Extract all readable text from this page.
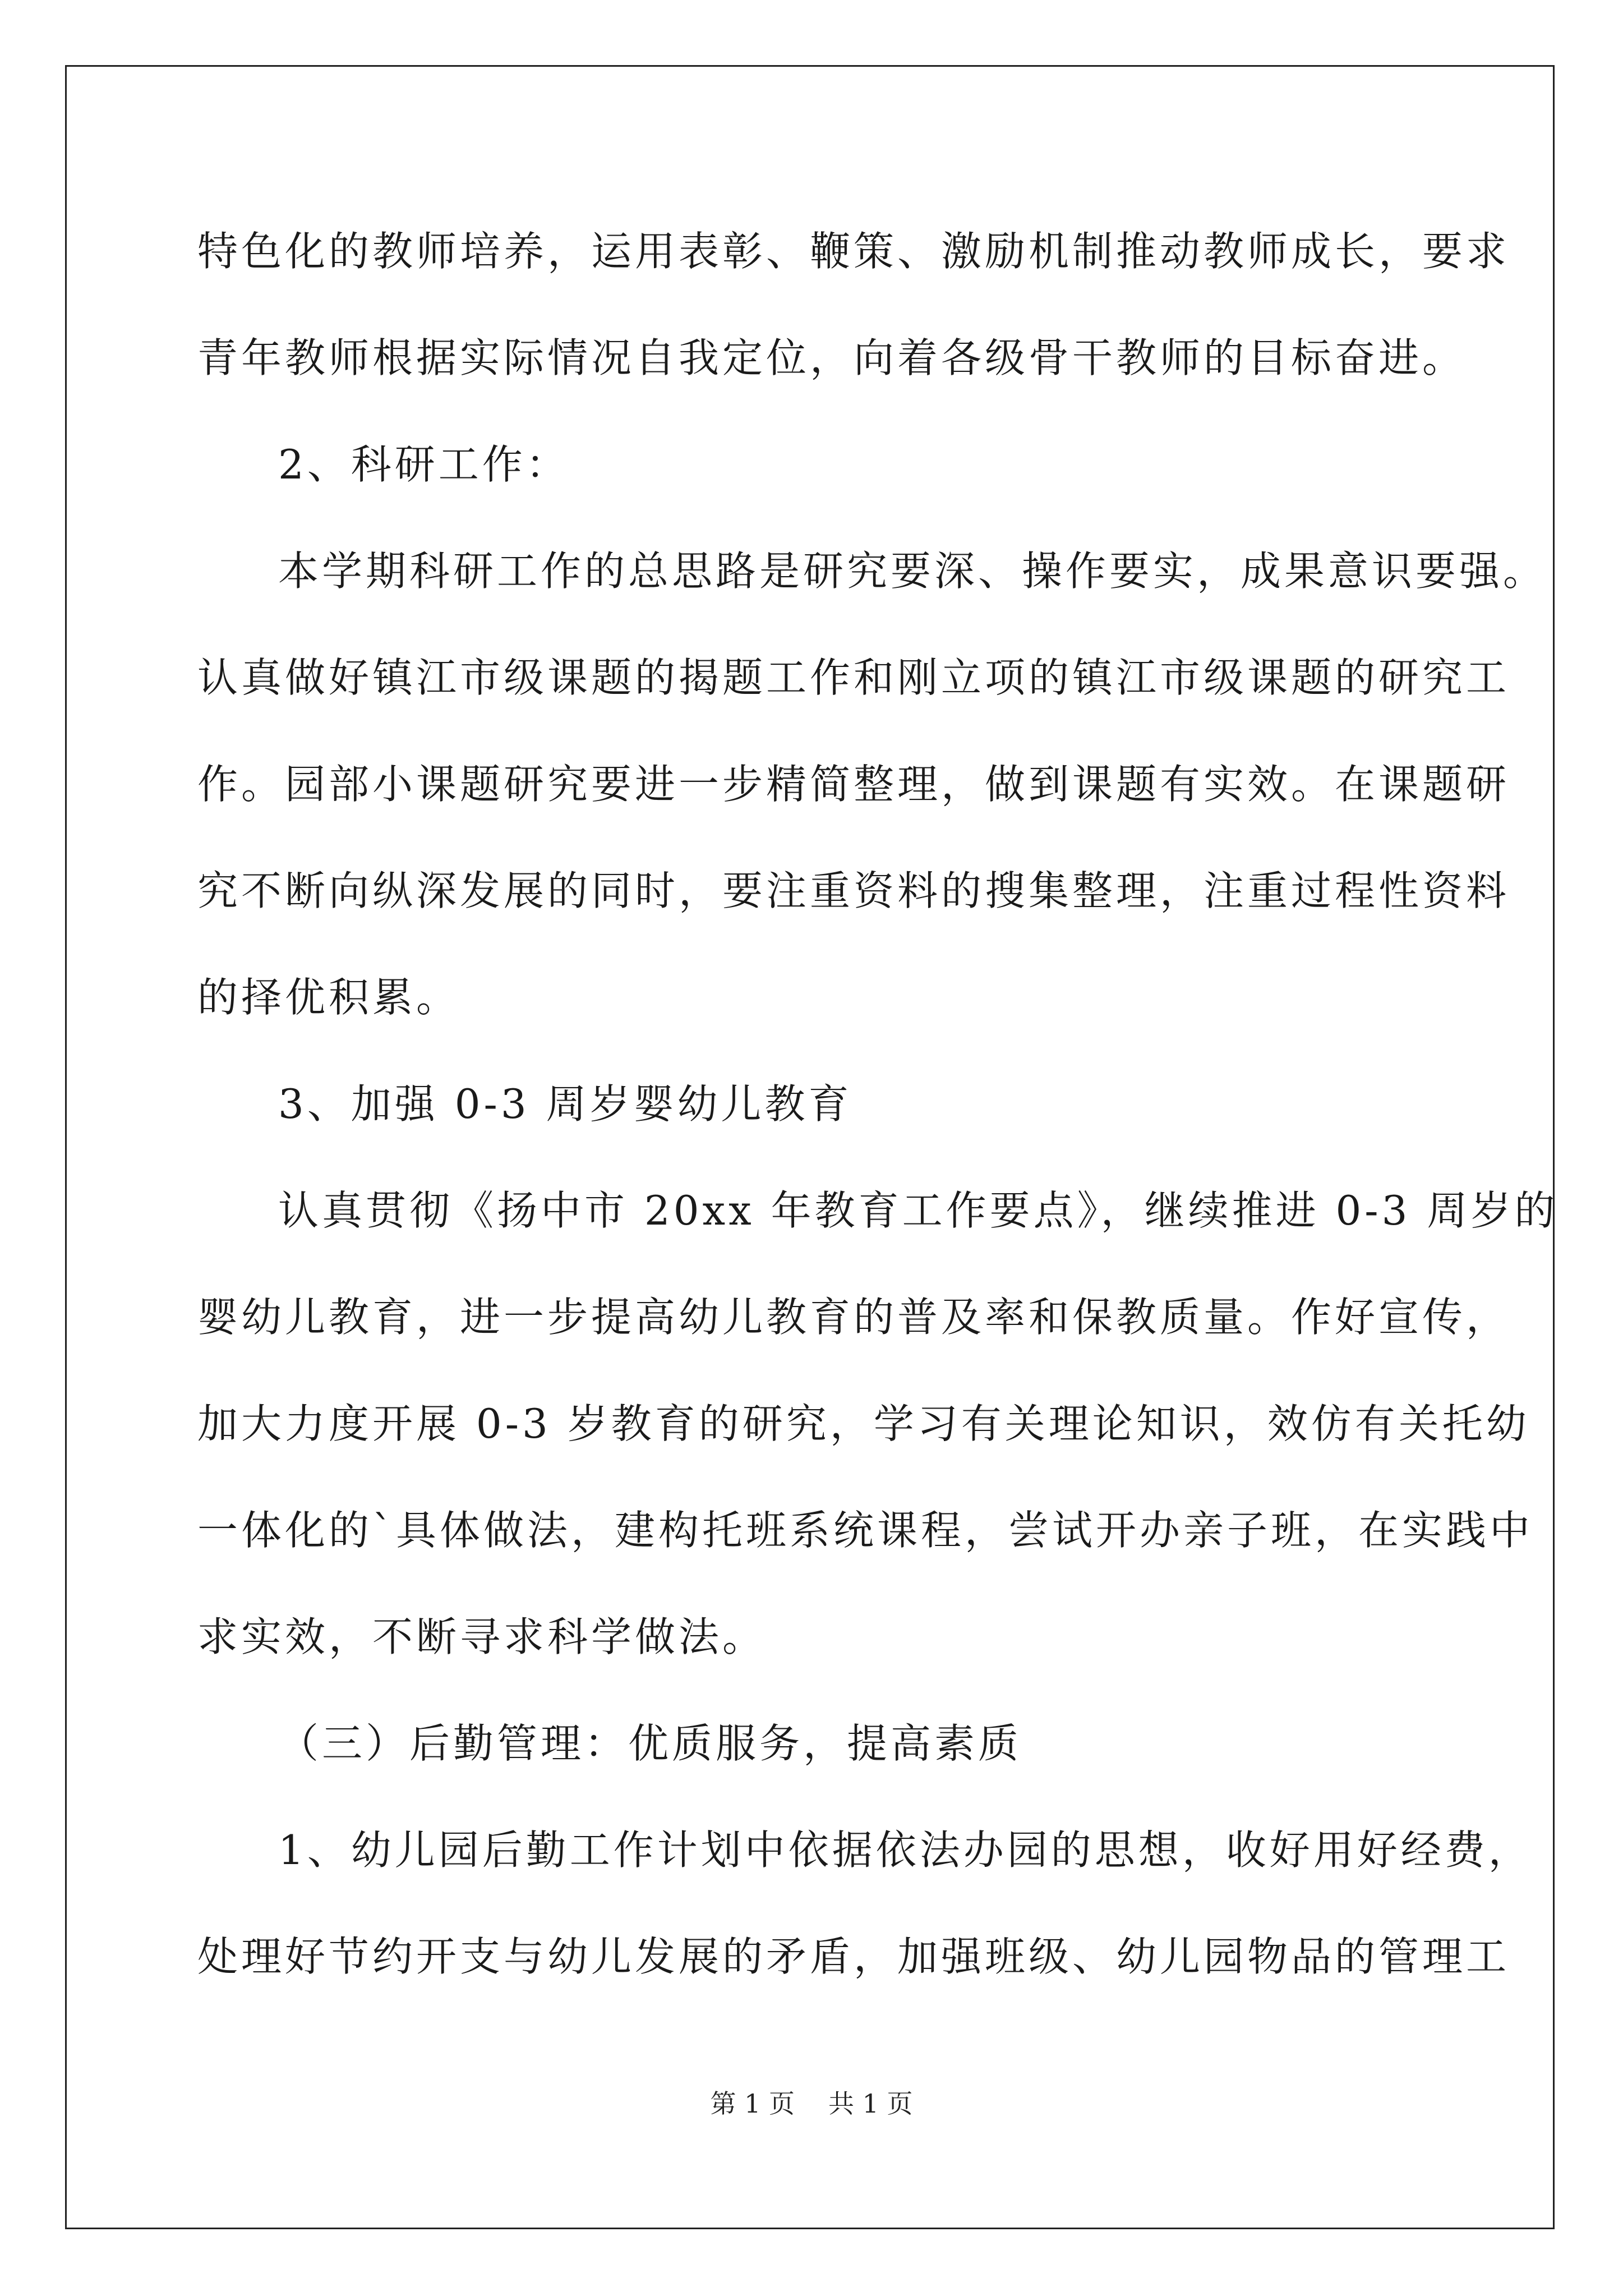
特色化的教师培养，运用表彰、鞭策、激励机制推动教师成长，要求
青年教师根据实际情况自我定位，向着各级骨干教师的目标奋进。
2、科研工作：
本学期科研工作的总思路是研究要深、操作要实，成果意识要强。
认真做好镇江市级课题的揭题工作和刚立项的镇江市级课题的研究工
作。园部小课题研究要进一步精简整理，做到课题有实效。在课题研
究不断向纵深发展的同时，要注重资料的搜集整理，注重过程性资料
的择优积累。
3、加强 0-3 周岁婴幼儿教育
认真贯彻《扬中市 20xx 年教育工作要点》，继续推进 0-3 周岁的
婴幼儿教育，进一步提高幼儿教育的普及率和保教质量。作好宣传，
加大力度开展 0-3 岁教育的研究，学习有关理论知识，效仿有关托幼
一体化的`具体做法，建构托班系统课程，尝试开办亲子班，在实践中
求实效，不断寻求科学做法。
（三）后勤管理：优质服务，提高素质
1、幼儿园后勤工作计划中依据依法办园的思想，收好用好经费，
处理好节约开支与幼儿发展的矛盾，加强班级、幼儿园物品的管理工
第 1 页 共 1 页
